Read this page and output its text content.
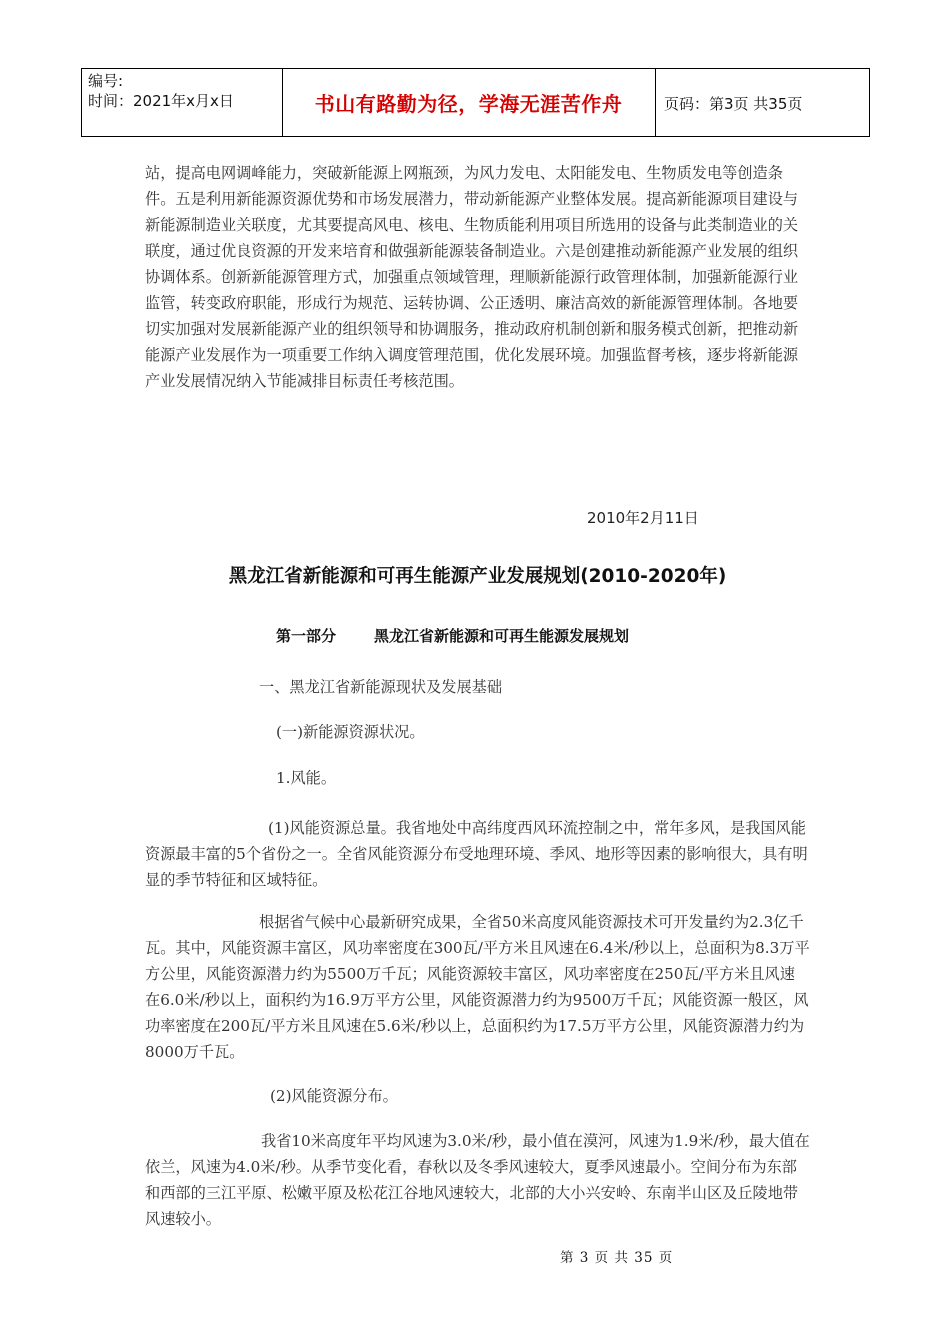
编号:
时间：2021年x月x日	书山有路勤为径，学海无涯苦作舟	页码：第3页 共35页

站，提高电网调峰能力，突破新能源上网瓶颈，为风力发电、太阳能发电、生物质发电等创造条件。五是利用新能源资源优势和市场发展潜力，带动新能源产业整体发展。提高新能源项目建设与新能源制造业关联度，尤其要提高风电、核电、生物质能利用项目所选用的设备与此类制造业的关联度，通过优良资源的开发来培育和做强新能源装备制造业。六是创建推动新能源产业发展的组织协调体系。创新新能源管理方式，加强重点领域管理，理顺新能源行政管理体制，加强新能源行业监管，转变政府职能，形成行为规范、运转协调、公正透明、廉洁高效的新能源管理体制。各地要切实加强对发展新能源产业的组织领导和协调服务，推动政府机制创新和服务模式创新，把推动新能源产业发展作为一项重要工作纳入调度管理范围，优化发展环境。加强监督考核，逐步将新能源产业发展情况纳入节能减排目标责任考核范围。

2010年2月11日
黑龙江省新能源和可再生能源产业发展规划(2010-2020年)
第一部分	黑龙江省新能源和可再生能源发展规划
一、黑龙江省新能源现状及发展基础
(一)新能源资源状况。
1.风能。

(1)风能资源总量。我省地处中高纬度西风环流控制之中，常年多风，是我国风能资源最丰富的5个省份之一。全省风能资源分布受地理环境、季风、地形等因素的影响很大，具有明显的季节特征和区域特征。

根据省气候中心最新研究成果，全省50米高度风能资源技术可开发量约为2.3亿千瓦。其中，风能资源丰富区，风功率密度在300瓦/平方米且风速在6.4米/秒以上，总面积为8.3万平方公里，风能资源潜力约为5500万千瓦；风能资源较丰富区，风功率密度在250瓦/平方米且风速在6.0米/秒以上，面积约为16.9万平方公里，风能资源潜力约为9500万千瓦；风能资源一般区，风功率密度在200瓦/平方米且风速在5.6米/秒以上，总面积约为17.5万平方公里，风能资源潜力约为8000万千瓦。

(2)风能资源分布。

我省10米高度年平均风速为3.0米/秒，最小值在漠河，风速为1.9米/秒，最大值在依兰，风速为4.0米/秒。从季节变化看，春秋以及冬季风速较大，夏季风速最小。空间分布为东部和西部的三江平原、松嫩平原及松花江谷地风速较大，北部的大小兴安岭、东南半山区及丘陵地带风速较小。

第 3 页 共 35 页
